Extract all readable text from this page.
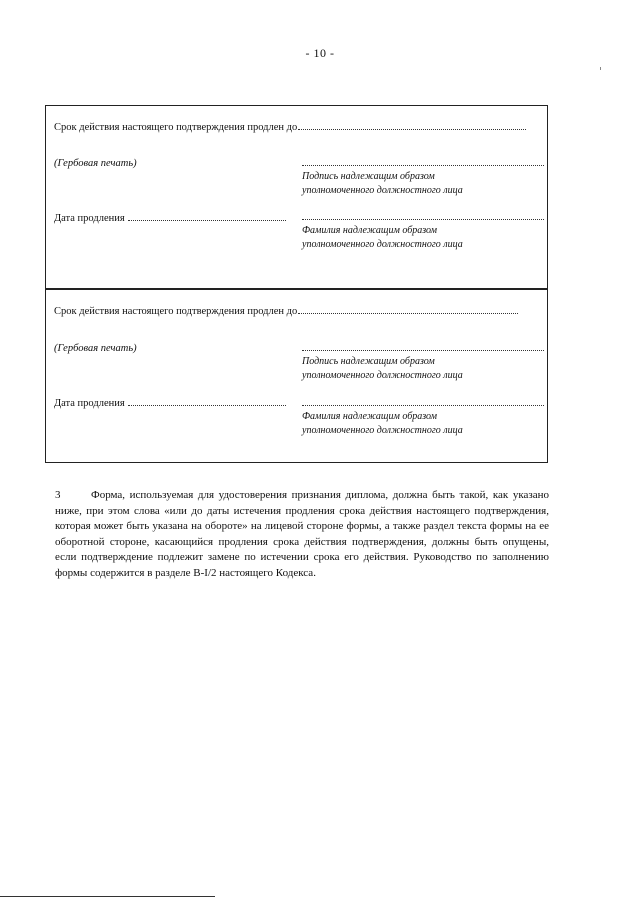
- 10 -
Срок действия настоящего подтверждения продлен до
(Гербовая печать)
Подпись надлежащим образом
уполномоченного должностного лица
Дата продления
Фамилия надлежащим образом
уполномоченного должностного лица
Срок действия настоящего подтверждения продлен до
(Гербовая печать)
Подпись надлежащим образом
уполномоченного должностного лица
Дата продления
Фамилия надлежащим образом
уполномоченного должностного лица
3	Форма, используемая для удостоверения признания диплома, должна быть такой, как указано ниже, при этом слова «или до даты истечения продления срока действия настоящего подтверждения, которая может быть указана на обороте» на лицевой стороне формы, а также раздел текста формы на ее оборотной стороне, касающийся продления срока действия подтверждения, должны быть опущены, если подтверждение подлежит замене по истечении срока его действия. Руководство по заполнению формы содержится в разделе B-I/2 настоящего Кодекса.
